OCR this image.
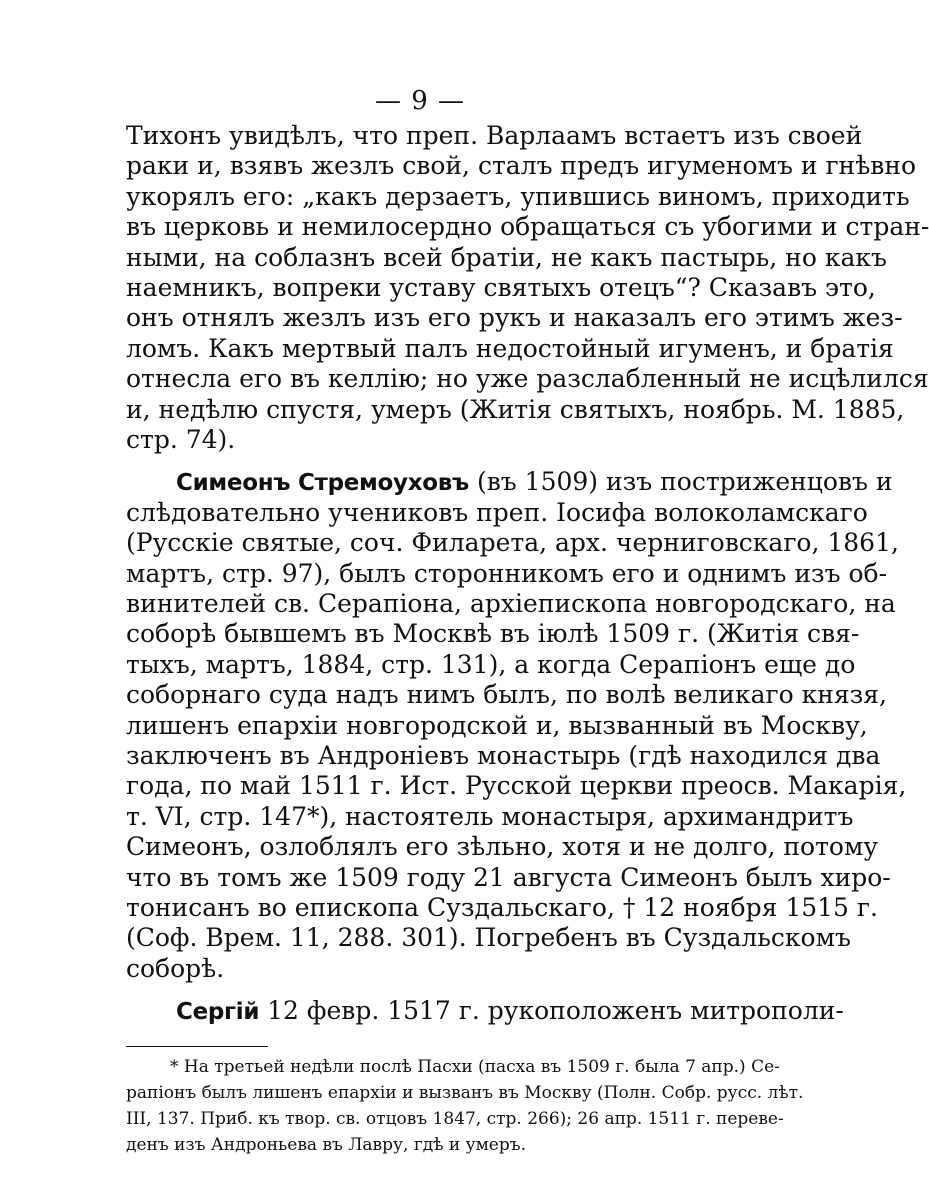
— 9 —
Тихонъ увидѣлъ, что преп. Варлаамъ встаетъ изъ своей
раки и, взявъ жезлъ свой, сталъ предъ игуменомъ и гнѣвно
укорялъ его: „какъ дерзаетъ, упившись виномъ, приходить
въ церковь и немилосердно обращаться съ убогими и стран-
ными, на соблазнъ всей братіи, не какъ пастырь, но какъ
наемникъ, вопреки уставу святыхъ отецъ“? Сказавъ это,
онъ отнялъ жезлъ изъ его рукъ и наказалъ его этимъ жез-
ломъ. Какъ мертвый палъ недостойный игуменъ, и братія
отнесла его въ келлію; но уже разслабленный не исцѣлился
и, недѣлю спустя, умеръ (Житія святыхъ, ноябрь. М. 1885,
стр. 74).
Симеонъ Стремоуховъ (въ 1509) изъ постриженцовъ и
слѣдовательно учениковъ преп. Іосифа волоколамскаго
(Русскіе святые, соч. Филарета, арх. черниговскаго, 1861,
мартъ, стр. 97), былъ сторонникомъ его и однимъ изъ об-
винителей св. Серапіона, архіепископа новгородскаго, на
соборѣ бывшемъ въ Москвѣ въ іюлѣ 1509 г. (Житія свя-
тыхъ, мартъ, 1884, стр. 131), а когда Серапіонъ еще до
соборнаго суда надъ нимъ былъ, по волѣ великаго князя,
лишенъ епархіи новгородской и, вызванный въ Москву,
заключенъ въ Андроніевъ монастырь (гдѣ находился два
года, по май 1511 г. Ист. Русской церкви преосв. Макарія,
т. VI, стр. 147*), настоятель монастыря, архимандритъ
Симеонъ, озлоблялъ его зѣльно, хотя и не долго, потому
что въ томъ же 1509 году 21 августа Симеонъ былъ хиро-
тонисанъ во епископа Суздальскаго, † 12 ноября 1515 г.
(Соф. Врем. 11, 288. 301). Погребенъ въ Суздальскомъ
соборѣ.
Сергій 12 февр. 1517 г. рукоположенъ митрополи-
* На третьей недѣли послѣ Пасхи (пасха въ 1509 г. была 7 апр.) Се-
рапіонъ былъ лишенъ епархіи и вызванъ въ Москву (Полн. Собр. русс. лѣт.
III, 137. Приб. къ твор. св. отцовъ 1847, стр. 266); 26 апр. 1511 г. переве-
денъ изъ Андроньева въ Лавру, гдѣ и умеръ.
